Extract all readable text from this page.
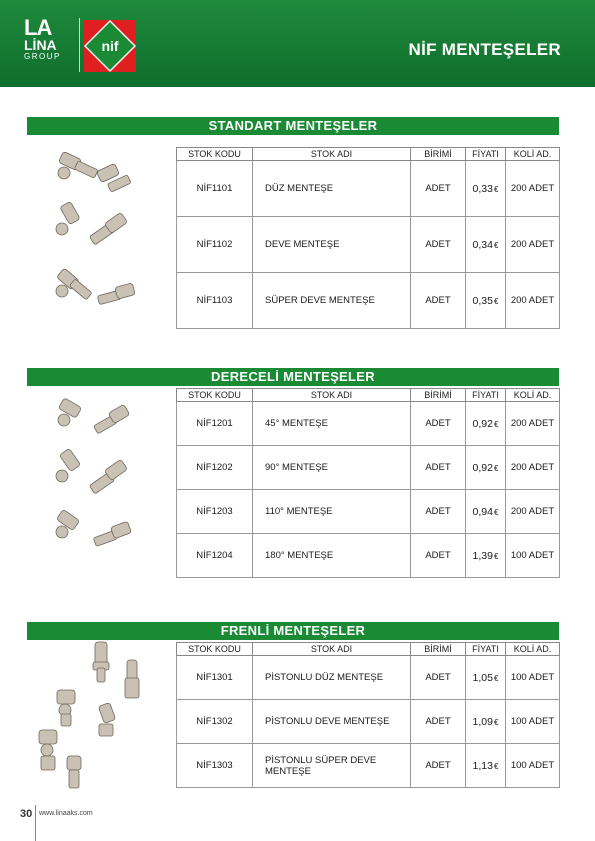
LA
LİNA
GROUP
nif	NİF MENTEŞELER
STANDART MENTEŞELER
STOK KODU	STOK ADI	BİRİMİ	FİYATI	KOLİ AD.
NİF1101	DÜZ MENTEŞE	ADET	0,33€	200 ADET
NİF1102	DEVE MENTEŞE	ADET	0,34€	200 ADET
NİF1103	SÜPER DEVE MENTEŞE	ADET	0,35€	200 ADET
DERECELİ MENTEŞELER
STOK KODU	STOK ADI	BİRİMİ	FİYATI	KOLİ AD.
NİF1201	45° MENTEŞE	ADET	0,92€	200 ADET
NİF1202	90° MENTEŞE	ADET	0,92€	200 ADET
NİF1203	110° MENTEŞE	ADET	0,94€	200 ADET
NİF1204	180° MENTEŞE	ADET	1,39€	100 ADET
FRENLİ MENTEŞELER
STOK KODU	STOK ADI	BİRİMİ	FİYATI	KOLİ AD.
NİF1301	PİSTONLU DÜZ MENTEŞE	ADET	1,05€	100 ADET
NİF1302	PİSTONLU DEVE MENTEŞE	ADET	1,09€	100 ADET
NİF1303	PİSTONLU SÜPER DEVE MENTEŞE	ADET	1,13€	100 ADET
30 www.linaaks.com
